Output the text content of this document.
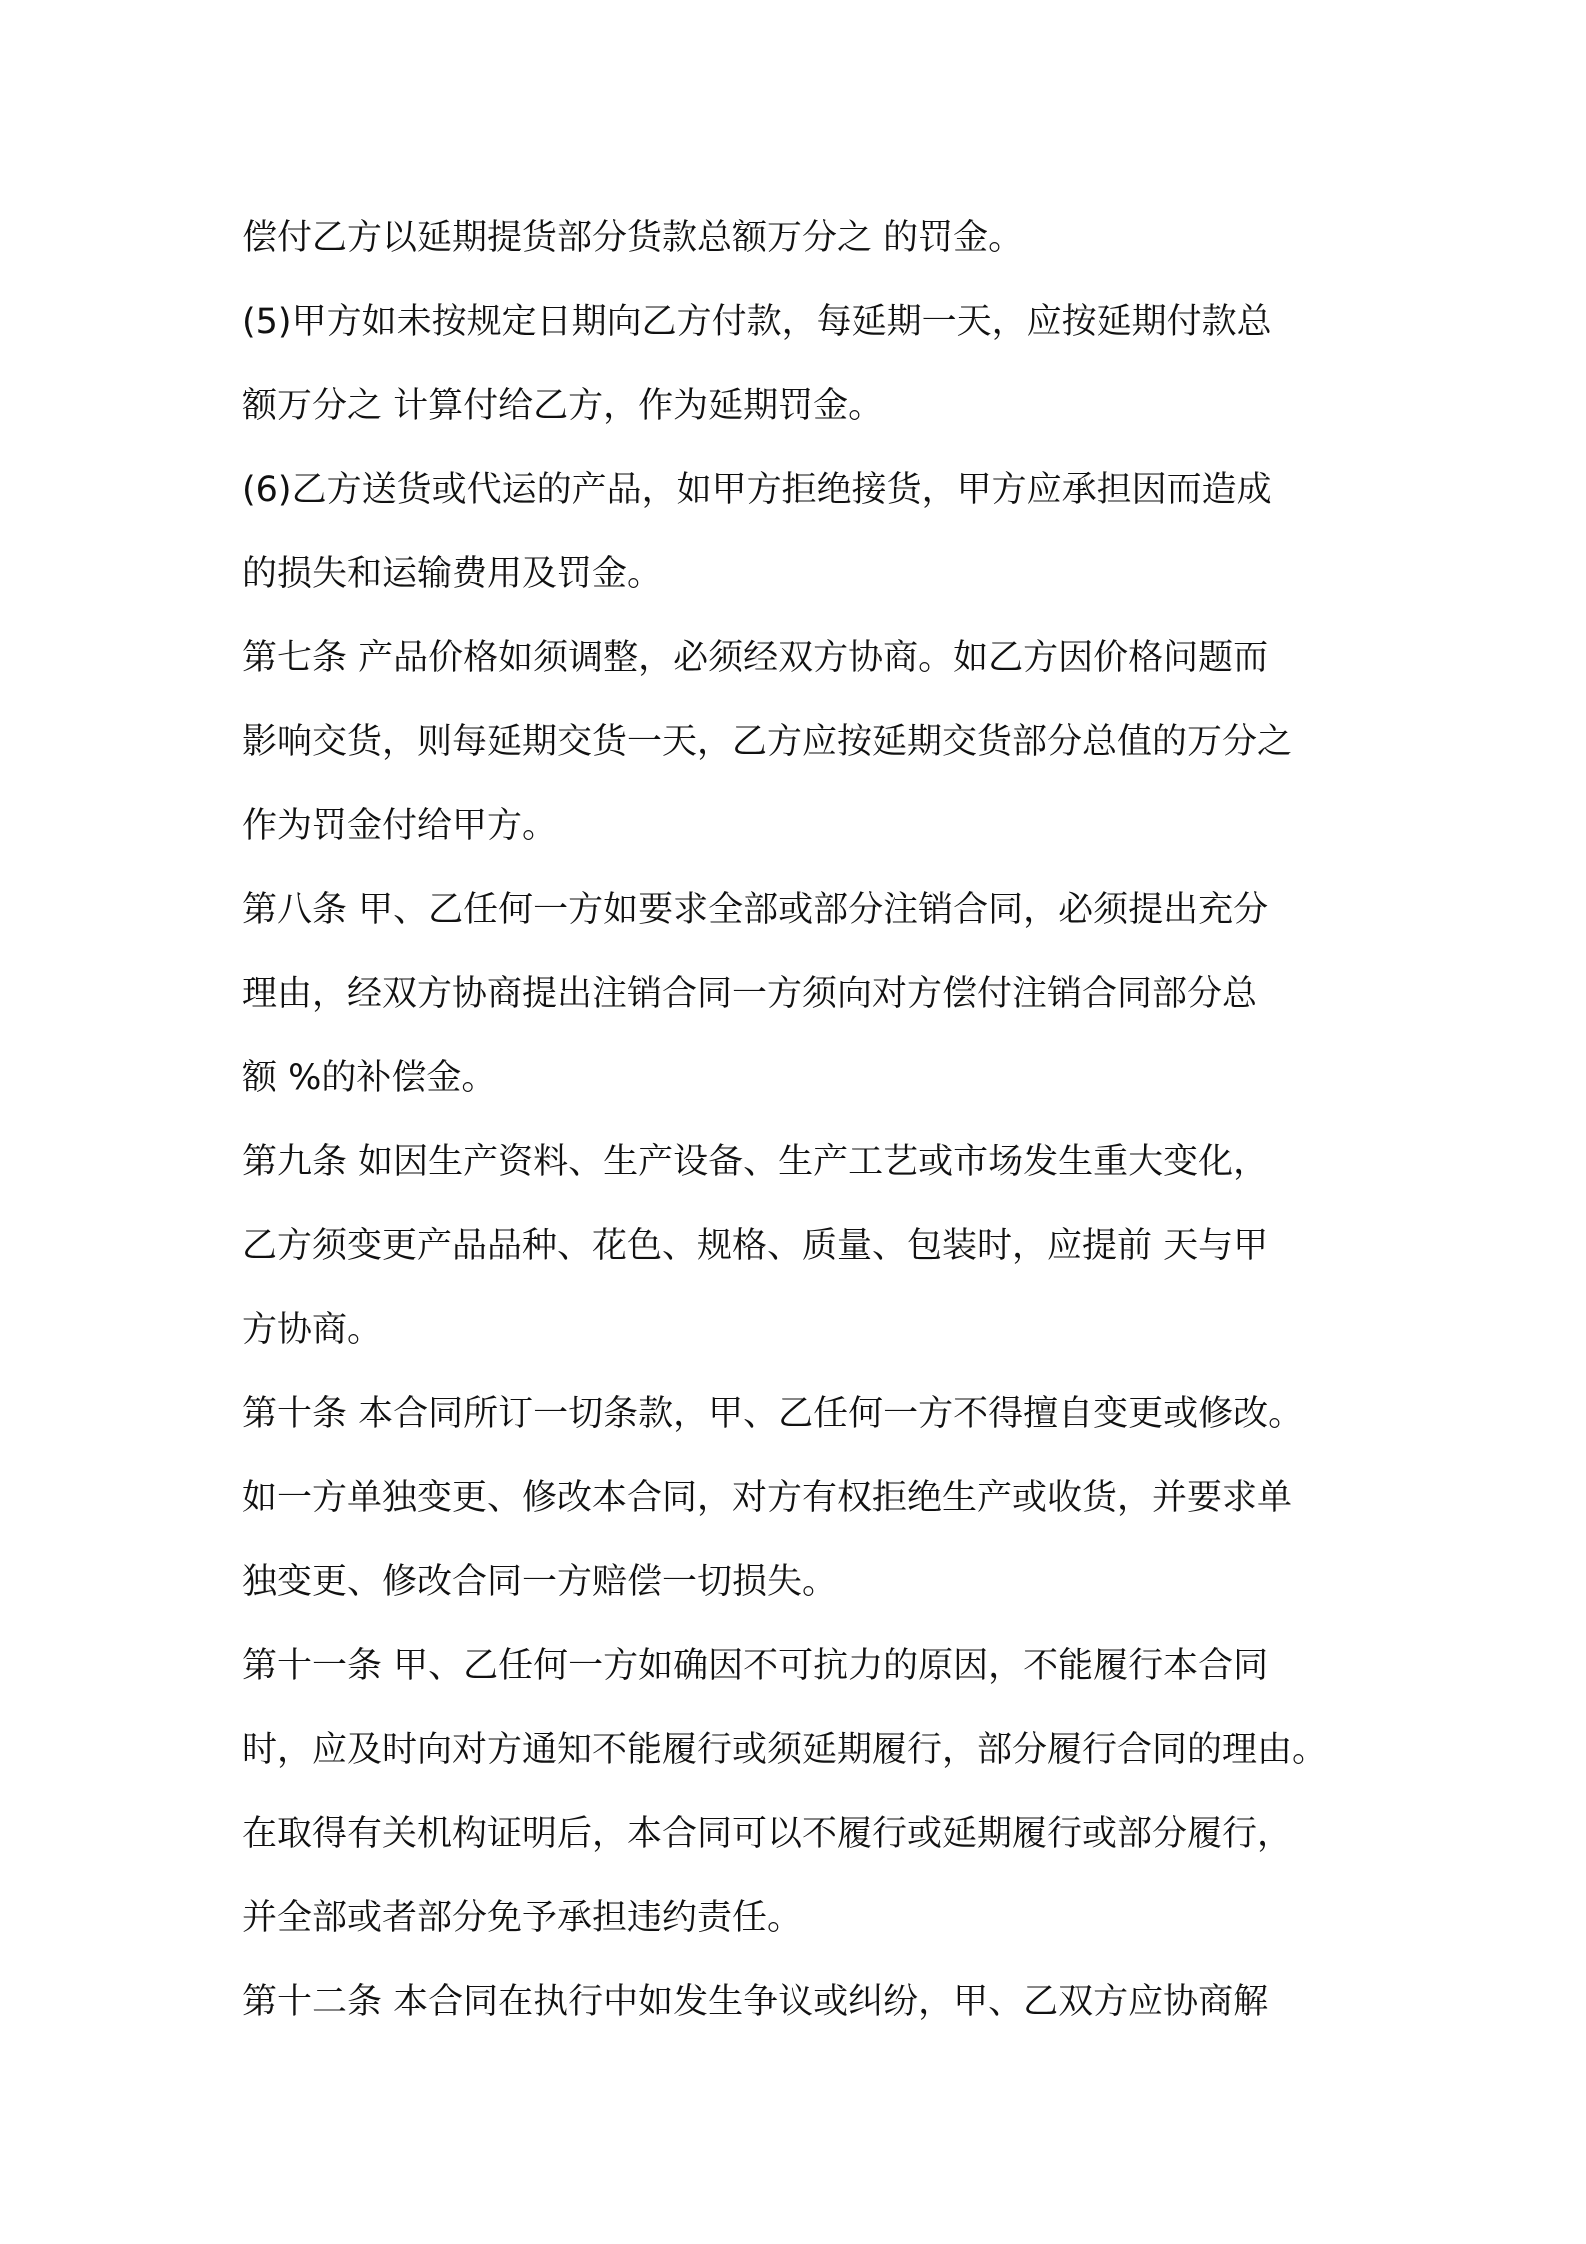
偿付乙方以延期提货部分货款总额万分之 的罚金。
(5)甲方如未按规定日期向乙方付款，每延期一天，应按延期付款总
额万分之 计算付给乙方，作为延期罚金。
(6)乙方送货或代运的产品，如甲方拒绝接货，甲方应承担因而造成
的损失和运输费用及罚金。
第七条 产品价格如须调整，必须经双方协商。如乙方因价格问题而
影响交货，则每延期交货一天，乙方应按延期交货部分总值的万分之
作为罚金付给甲方。
第八条 甲、乙任何一方如要求全部或部分注销合同，必须提出充分
理由，经双方协商提出注销合同一方须向对方偿付注销合同部分总
额 %的补偿金。
第九条 如因生产资料、生产设备、生产工艺或市场发生重大变化，
乙方须变更产品品种、花色、规格、质量、包装时，应提前 天与甲
方协商。
第十条 本合同所订一切条款，甲、乙任何一方不得擅自变更或修改。
如一方单独变更、修改本合同，对方有权拒绝生产或收货，并要求单
独变更、修改合同一方赔偿一切损失。
第十一条 甲、乙任何一方如确因不可抗力的原因，不能履行本合同
时，应及时向对方通知不能履行或须延期履行，部分履行合同的理由。
在取得有关机构证明后，本合同可以不履行或延期履行或部分履行，
并全部或者部分免予承担违约责任。
第十二条 本合同在执行中如发生争议或纠纷，甲、乙双方应协商解
